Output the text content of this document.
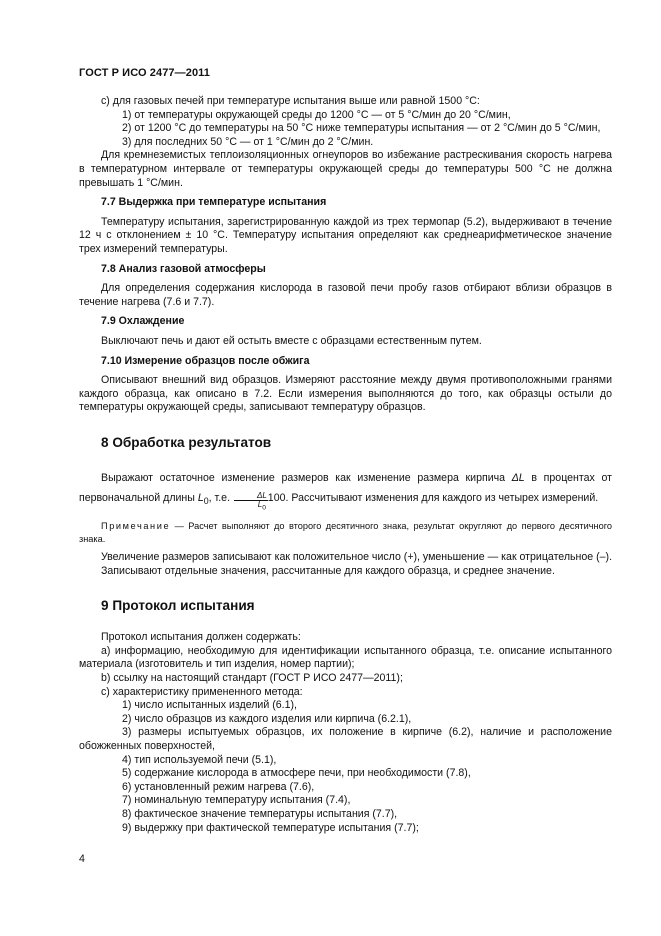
ГОСТ Р ИСО 2477—2011

c) для газовых печей при температуре испытания выше или равной 1500 °С:

1) от температуры окружающей среды до 1200 °С — от 5 °С/мин до 20 °С/мин,

2) от 1200 °С до температуры на 50 °С ниже температуры испытания — от 2 °С/мин до 5 °С/мин,

3) для последних 50 °С — от 1 °С/мин до 2 °С/мин.

Для кремнеземистых теплоизоляционных огнеупоров во избежание растрескивания скорость нагрева в температурном интервале от температуры окружающей среды до температуры 500 °С не должна превышать 1 °С/мин.

7.7 Выдержка при температуре испытания

Температуру испытания, зарегистрированную каждой из трех термопар (5.2), выдерживают в течение 12 ч с отклонением ± 10 °С. Температуру испытания определяют как среднеарифметическое значение трех измерений температуры.

7.8 Анализ газовой атмосферы

Для определения содержания кислорода в газовой печи пробу газов отбирают вблизи образцов в течение нагрева (7.6 и 7.7).

7.9 Охлаждение

Выключают печь и дают ей остыть вместе с образцами естественным путем.

7.10 Измерение образцов после обжига

Описывают внешний вид образцов. Измеряют расстояние между двумя противоположными гранями каждого образца, как описано в 7.2. Если измерения выполняются до того, как образцы остыли до температуры окружающей среды, записывают температуру образцов.

8 Обработка результатов

Выражают остаточное изменение размеров как изменение размера кирпича ΔL в процентах от первоначальной длины $L_0$, т.е. $\frac{\Delta L}{L_0} 100$. Рассчитывают изменения для каждого из четырех измерений.

Примечание — Расчет выполняют до второго десятичного знака, результат округляют до первого десятичного знака.

Увеличение размеров записывают как положительное число (+), уменьшение — как отрицательное (–).

Записывают отдельные значения, рассчитанные для каждого образца, и среднее значение.

9 Протокол испытания

Протокол испытания должен содержать:

a) информацию, необходимую для идентификации испытанного образца, т.е. описание испытанного материала (изготовитель и тип изделия, номер партии);

b) ссылку на настоящий стандарт (ГОСТ Р ИСО 2477—2011);

c) характеристику примененного метода:

1) число испытанных изделий (6.1),

2) число образцов из каждого изделия или кирпича (6.2.1),

3) размеры испытуемых образцов, их положение в кирпиче (6.2), наличие и расположение обожженных поверхностей,

4) тип используемой печи (5.1),

5) содержание кислорода в атмосфере печи, при необходимости (7.8),

6) установленный режим нагрева (7.6),

7) номинальную температуру испытания (7.4),

8) фактическое значение температуры испытания (7.7),

9) выдержку при фактической температуре испытания (7.7);

4
